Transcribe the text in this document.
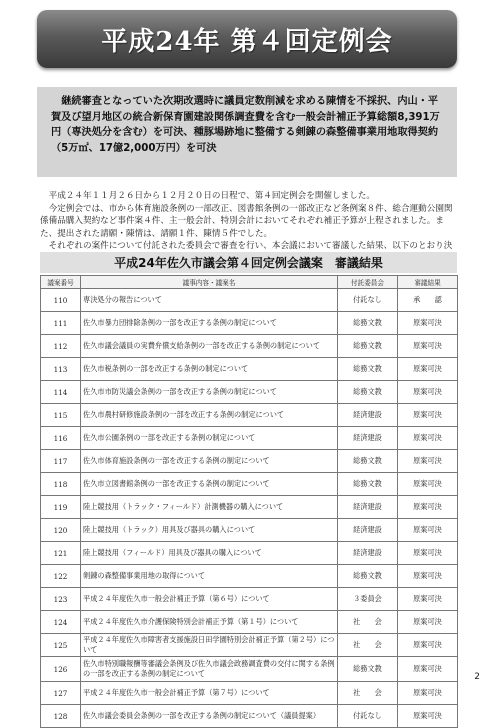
平成24年 第４回定例会

継続審査となっていた次期改選時に議員定数削減を求める陳情を不採択、内山・平賀及び望月地区の統合新保育園建設関係調査費を含む一般会計補正予算総額8,391万円（専決処分を含む）を可決、種豚場跡地に整備する剣錬の森整備事業用地取得契約（5万㎡、17億2,000万円）を可決

平成２４年１１月２６日から１２月２０日の日程で、第４回定例会を開催しました。

今定例会では、市から体育施設条例の一部改正、図書館条例の一部改正など条例案８件、総合運動公園関係備品購入契約など事件案４件、主一般会計、特別会計においてそれぞれ補正予算が上程されました。また、提出された請願・陳情は、請願１件、陳情５件でした。

それぞれの案件について付託された委員会で審査を行い、本会議において審議した結果、以下のとおり決

平成24年佐久市議会第４回定例会議案　審議結果
議案番号	議事内容・議案名	付託委員会	審議結果
110	専決処分の報告について	付託なし	承　　認
111	佐久市暴力団排除条例の一部を改正する条例の制定について	総務文教	原案可決
112	佐久市議会議員の実費弁償支給条例の一部を改正する条例の制定について	総務文教	原案可決
113	佐久市税条例の一部を改正する条例の制定について	総務文教	原案可決
114	佐久市市防災議会条例の一部を改正する条例の制定について	総務文教	原案可決
115	佐久市農村研修施設条例の一部を改正する条例の制定について	経済建設	原案可決
116	佐久市公園条例の一部を改正する条例の制定について	経済建設	原案可決
117	佐久市体育施設条例の一部を改正する条例の制定について	総務文教	原案可決
118	佐久市立図書館条例の一部を改正する条例の制定について	総務文教	原案可決
119	陸上競技用（トラック・フィールド）計測機器の購入について	経済建設	原案可決
120	陸上競技用（トラック）用具及び器具の購入について	経済建設	原案可決
121	陸上競技用（フィールド）用具及び器具の購入について	経済建設	原案可決
122	剣錬の森整備事業用地の取得について	総務文教	原案可決
123	平成２４年度佐久市一般会計補正予算（第６号）について	３委員会	原案可決
124	平成２４年度佐久市介護保険特別会計補正予算（第１号）について	社　　会	原案可決
125	平成２４年度佐久市障害者支援施設日田学園特別会計補正予算（第２号）について	社　　会	原案可決
126	佐久市特別職報酬等審議会条例及び佐久市議会政務調査費の交付に関する条例の一部を改正する条例の制定について	総務文教	原案可決
127	平成２４年度佐久市一般会計補正予算（第７号）について	社　　会	原案可決
128	佐久市議会委員会条例の一部を改正する条例の制定について（議員提案）	付託なし	原案可決
2
